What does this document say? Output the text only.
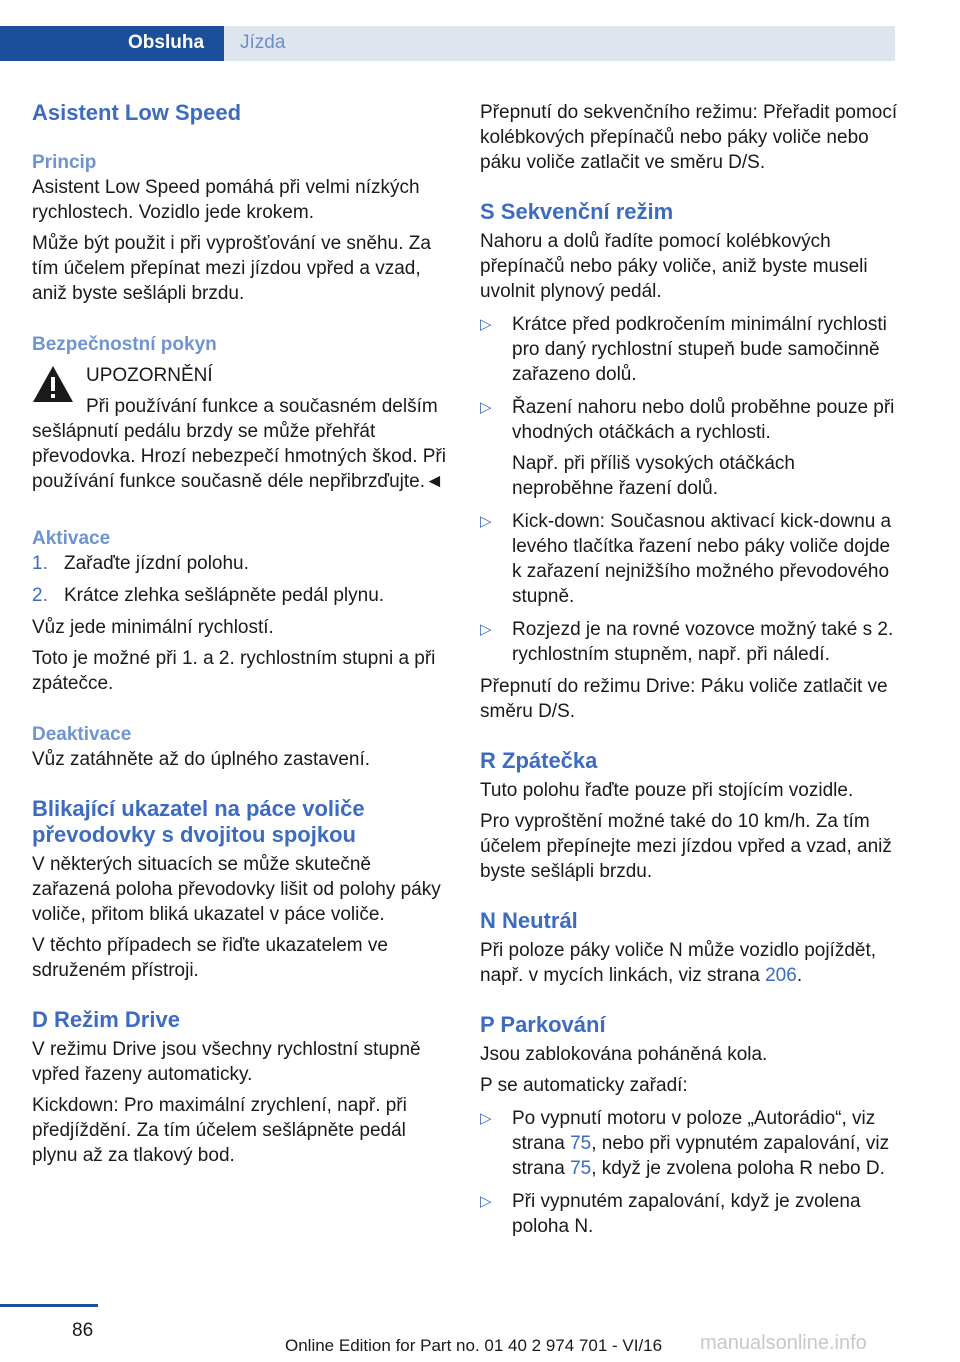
Obsluha Jízda
Asistent Low Speed
Princip

Asistent Low Speed pomáhá při velmi nízkých rychlostech. Vozidlo jede krokem.

Může být použit i při vyprošťování ve sněhu. Za tím účelem přepínat mezi jízdou vpřed a vzad, aniž byste sešlápli brzdu.

Bezpečnostní pokyn

UPOZORNĚNÍ

Při používání funkce a současném delším sešlápnutí pedálu brzdy se může přehřát převodovka. Hrozí nebezpečí hmotných škod. Při používání funkce současně déle nepřibrzďujte.◄

Aktivace
1. Zařaďte jízdní polohu.
2. Krátce zlehka sešlápněte pedál plynu.

Vůz jede minimální rychlostí.

Toto je možné při 1. a 2. rychlostním stupni a při zpátečce.

Deaktivace

Vůz zatáhněte až do úplného zastavení.

Blikající ukazatel na páce voliče převodovky s dvojitou spojkou

V některých situacích se může skutečně zařazená poloha převodovky lišit od polohy páky voliče, přitom bliká ukazatel v páce voliče.

V těchto případech se řiďte ukazatelem ve sdruženém přístroji.

D Režim Drive

V režimu Drive jsou všechny rychlostní stupně vpřed řazeny automaticky.

Kickdown: Pro maximální zrychlení, např. při předjíždění. Za tím účelem sešlápněte pedál plynu až za tlakový bod.

Přepnutí do sekvenčního režimu: Přeřadit pomocí kolébkových přepínačů nebo páky voliče nebo páku voliče zatlačit ve směru D/S.

S Sekvenční režim

Nahoru a dolů řadíte pomocí kolébkových přepínačů nebo páky voliče, aniž byste museli uvolnit plynový pedál.

▷ Krátce před podkročením minimální rychlosti pro daný rychlostní stupeň bude samočinně zařazeno dolů.
▷ Řazení nahoru nebo dolů proběhne pouze při vhodných otáčkách a rychlosti.

Např. při příliš vysokých otáčkách neproběhne řazení dolů.

▷ Kick-down: Současnou aktivací kick-downu a levého tlačítka řazení nebo páky voliče dojde k zařazení nejnižšího možného převodového stupně.
▷ Rozjezd je na rovné vozovce možný také s 2. rychlostním stupněm, např. při náledí.

Přepnutí do režimu Drive: Páku voliče zatlačit ve směru D/S.

R Zpátečka

Tuto polohu řaďte pouze při stojícím vozidle.

Pro vyproštění možné také do 10 km/h. Za tím účelem přepínejte mezi jízdou vpřed a vzad, aniž byste sešlápli brzdu.

N Neutrál

Při poloze páky voliče N může vozidlo pojíždět, např. v mycích linkách, viz strana 206.

P Parkování

Jsou zablokována poháněná kola.

P se automaticky zařadí:

▷ Po vypnutí motoru v poloze „Autorádio“, viz strana 75, nebo při vypnutém zapalování, viz strana 75, když je zvolena poloha R nebo D.
▷ Při vypnutém zapalování, když je zvolena poloha N.
86
Online Edition for Part no. 01 40 2 974 701 - VI/16 manualsonline.info
